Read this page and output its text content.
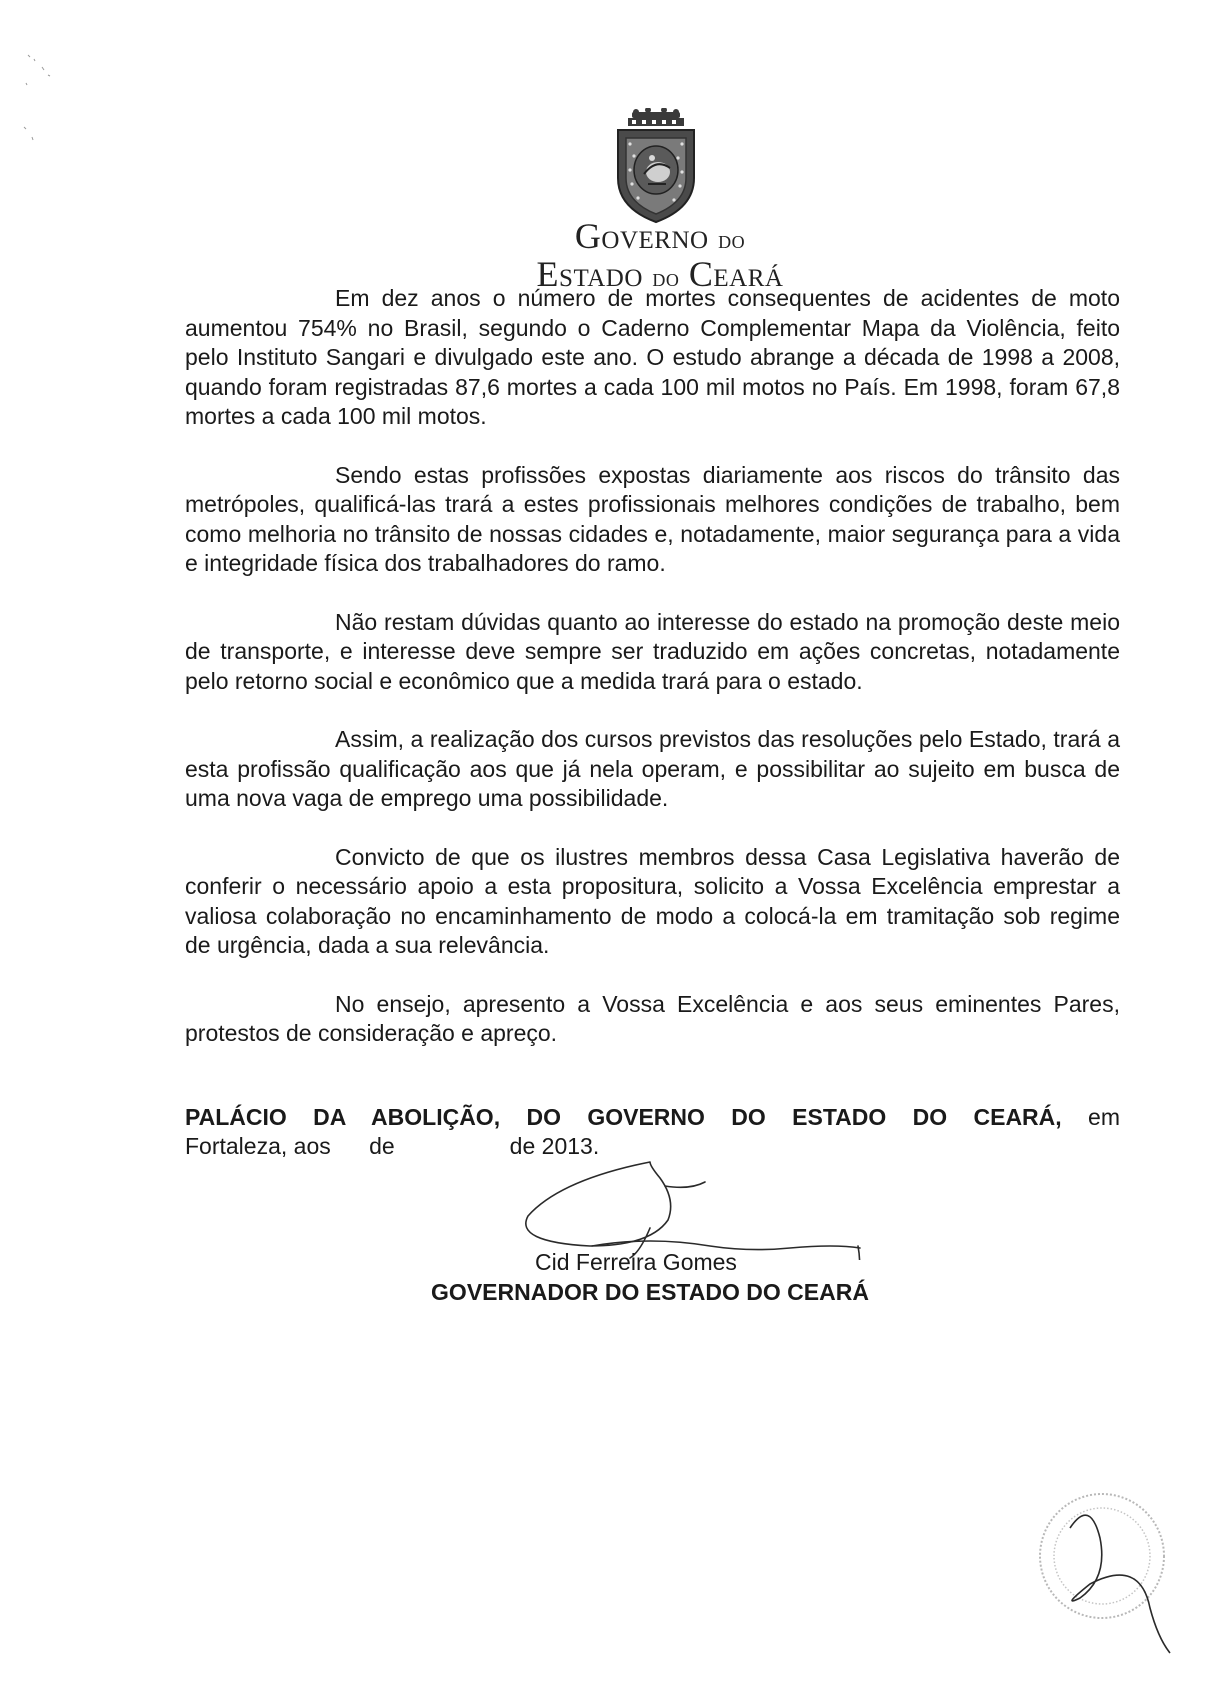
Governo do
Estado do Ceará

Em dez anos o número de mortes consequentes de acidentes de moto aumentou 754% no Brasil, segundo o Caderno Complementar Mapa da Violência, feito pelo Instituto Sangari e divulgado este ano. O estudo abrange a década de 1998 a 2008, quando foram registradas 87,6 mortes a cada 100 mil motos no País. Em 1998, foram 67,8 mortes a cada 100 mil motos.

Sendo estas profissões expostas diariamente aos riscos do trânsito das metrópoles, qualificá-las trará a estes profissionais melhores condições de trabalho, bem como melhoria no trânsito de nossas cidades e, notadamente, maior segurança para a vida e integridade física dos trabalhadores do ramo.

Não restam dúvidas quanto ao interesse do estado na promoção deste meio de transporte, e interesse deve sempre ser traduzido em ações concretas, notadamente pelo retorno social e econômico que a medida trará para o estado.

Assim, a realização dos cursos previstos das resoluções pelo Estado, trará a esta profissão qualificação aos que já nela operam, e possibilitar ao sujeito em busca de uma nova vaga de emprego uma possibilidade.

Convicto de que os ilustres membros dessa Casa Legislativa haverão de conferir o necessário apoio a esta propositura, solicito a Vossa Excelência emprestar a valiosa colaboração no encaminhamento de modo a colocá-la em tramitação sob regime de urgência, dada a sua relevância.

No ensejo, apresento a Vossa Excelência e aos seus eminentes Pares, protestos de consideração e apreço.

PALÁCIO DA ABOLIÇÃO, DO GOVERNO DO ESTADO DO CEARÁ, em
Fortaleza, aos      de                  de 2013.
Cid Ferreira Gomes
GOVERNADOR DO ESTADO DO CEARÁ
